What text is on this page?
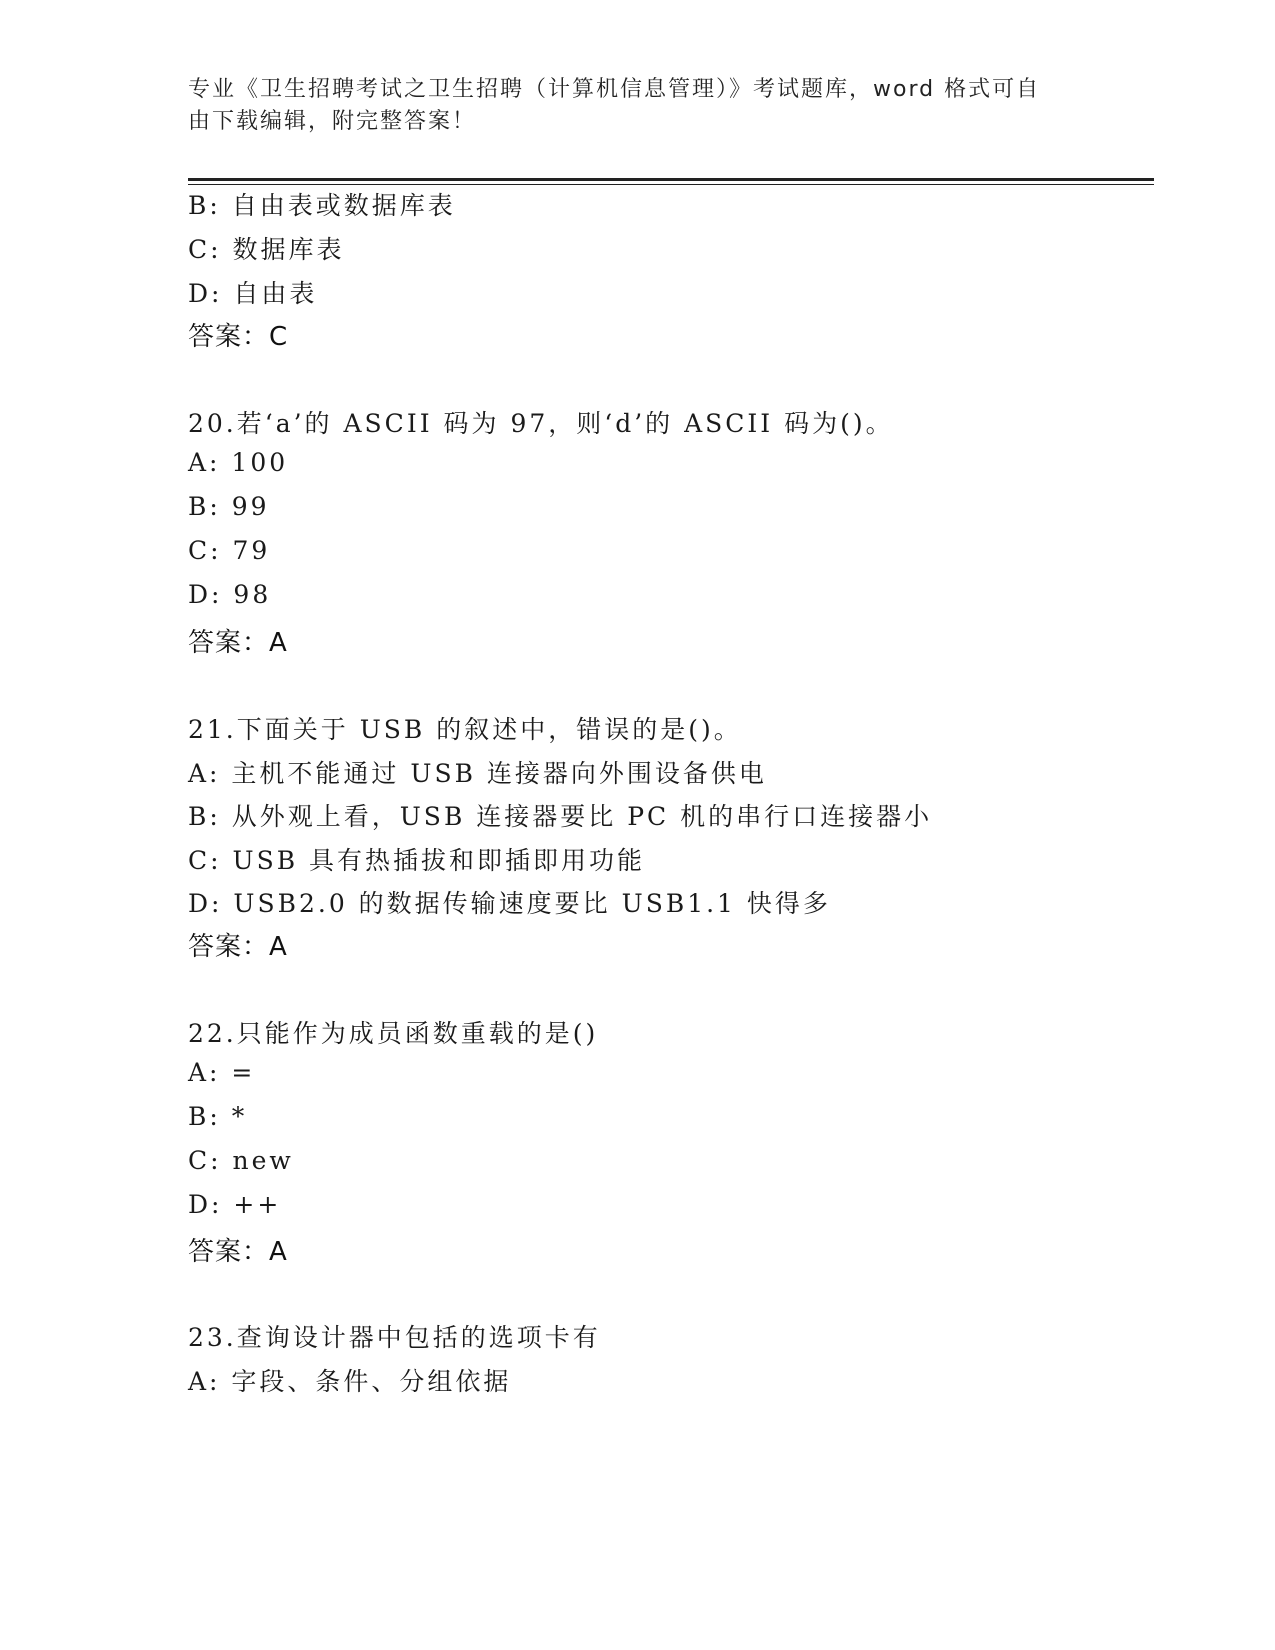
专业《卫生招聘考试之卫生招聘（计算机信息管理）》考试题库，word 格式可自
由下载编辑，附完整答案！
B: 自由表或数据库表
C: 数据库表
D: 自由表
答案：C
20.若‘a’的 ASCII 码为 97，则‘d’的 ASCII 码为()。
A: 100
B: 99
C: 79
D: 98
答案：A
21.下面关于 USB 的叙述中，错误的是()。
A: 主机不能通过 USB 连接器向外围设备供电
B: 从外观上看，USB 连接器要比 PC 机的串行口连接器小
C: USB 具有热插拔和即插即用功能
D: USB2.0 的数据传输速度要比 USB1.1 快得多
答案：A
22.只能作为成员函数重载的是()
A: =
B: *
C: new
D: ++
答案：A
23.查询设计器中包括的选项卡有
A: 字段、条件、分组依据
